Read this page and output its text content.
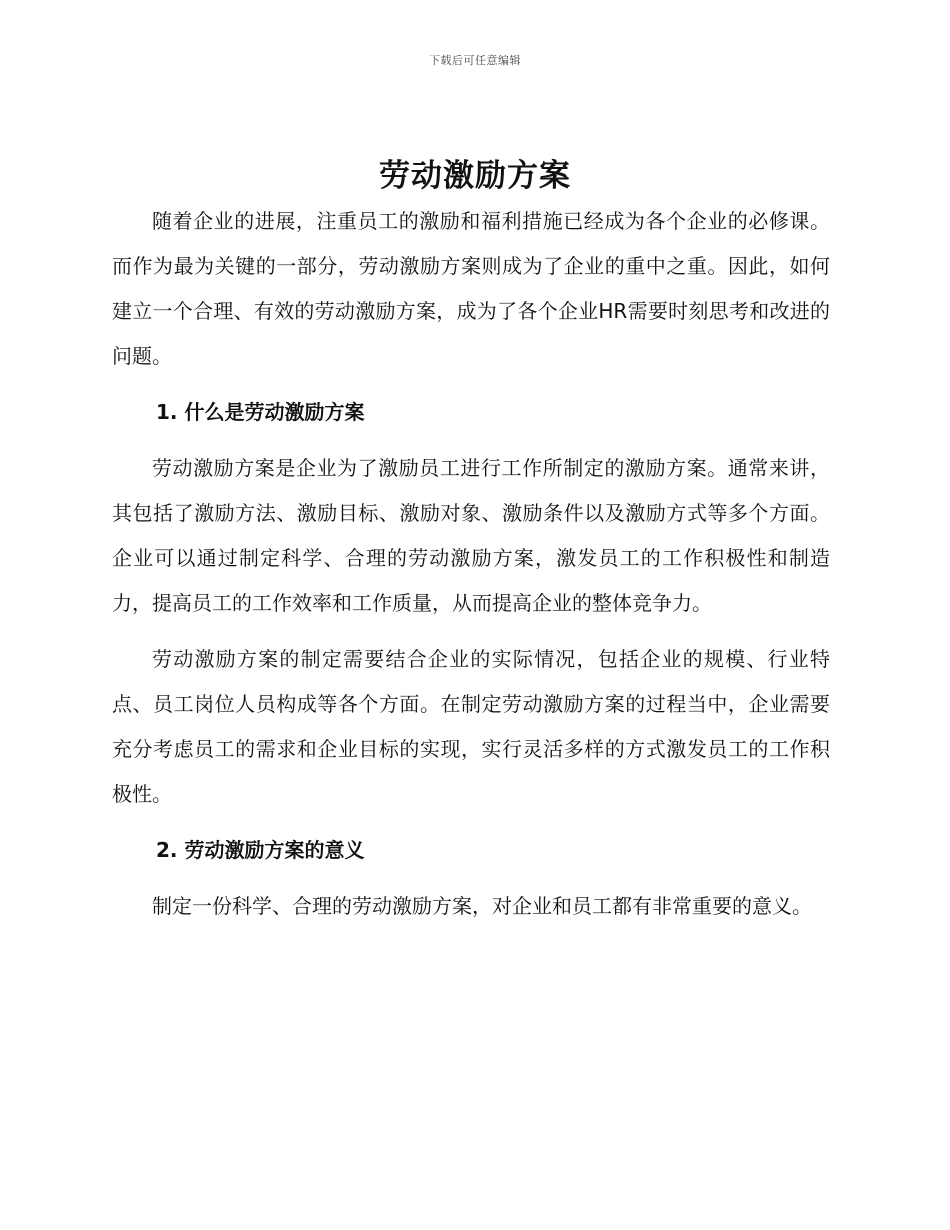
下载后可任意编辑
劳动激励方案

随着企业的进展，注重员工的激励和福利措施已经成为各个企业的必修课。而作为最为关键的一部分，劳动激励方案则成为了企业的重中之重。因此，如何建立一个合理、有效的劳动激励方案，成为了各个企业HR需要时刻思考和改进的问题。

1. 什么是劳动激励方案

劳动激励方案是企业为了激励员工进行工作所制定的激励方案。通常来讲，其包括了激励方法、激励目标、激励对象、激励条件以及激励方式等多个方面。企业可以通过制定科学、合理的劳动激励方案，激发员工的工作积极性和制造力，提高员工的工作效率和工作质量，从而提高企业的整体竞争力。

劳动激励方案的制定需要结合企业的实际情况，包括企业的规模、行业特点、员工岗位人员构成等各个方面。在制定劳动激励方案的过程当中，企业需要充分考虑员工的需求和企业目标的实现，实行灵活多样的方式激发员工的工作积极性。

2. 劳动激励方案的意义

制定一份科学、合理的劳动激励方案，对企业和员工都有非常重要的意义。
